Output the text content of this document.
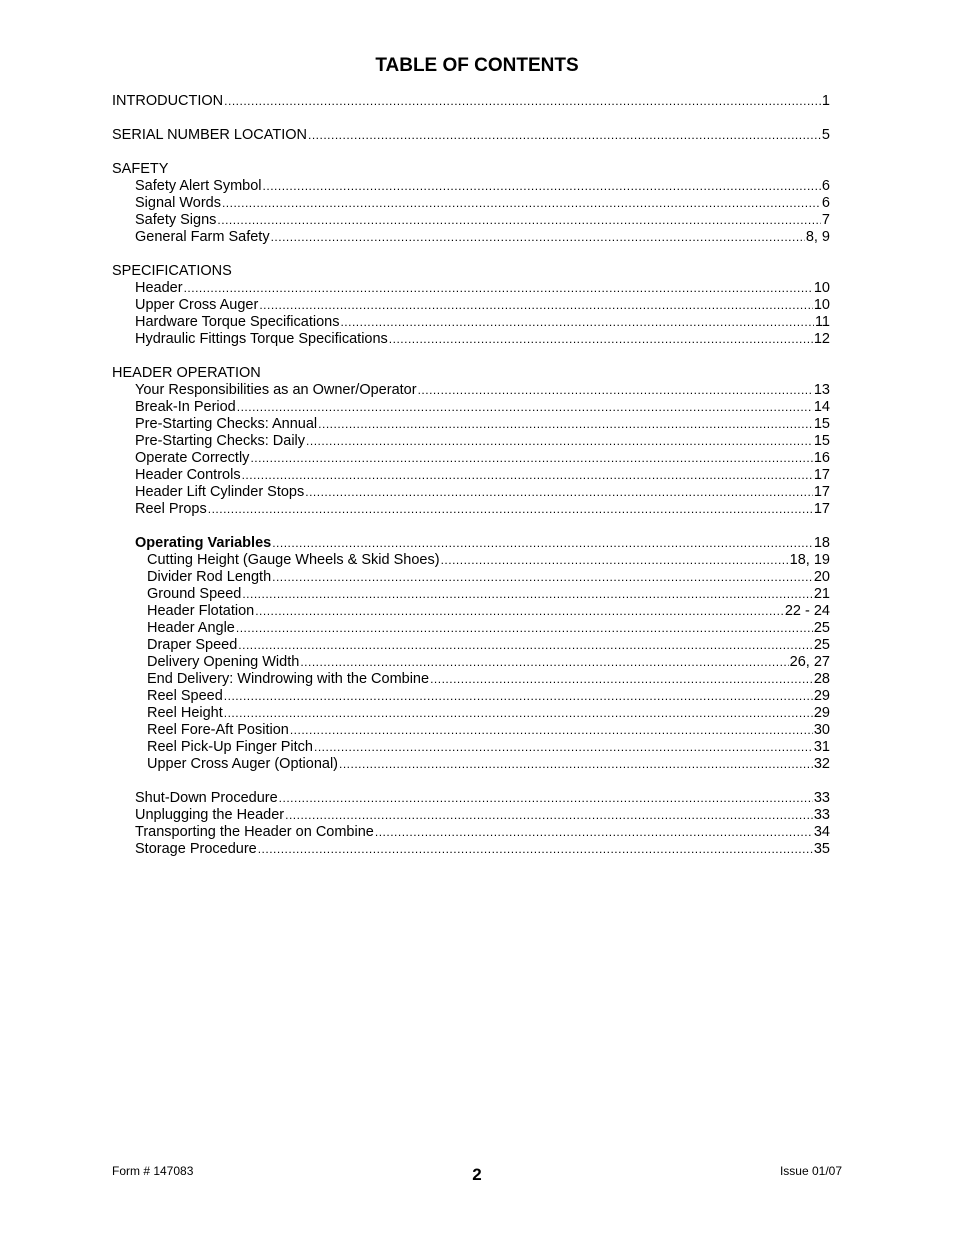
TABLE OF CONTENTS
INTRODUCTION .....	1
SERIAL NUMBER LOCATION .....	5
SAFETY
Safety Alert Symbol .....	6
Signal Words .....	6
Safety Signs .....	7
General Farm Safety .....	8, 9
SPECIFICATIONS
Header .....	10
Upper Cross Auger .....	10
Hardware Torque Specifications .....	11
Hydraulic Fittings Torque Specifications .....	12
HEADER OPERATION
Your Responsibilities as an Owner/Operator .....	13
Break-In Period .....	14
Pre-Starting Checks: Annual .....	15
Pre-Starting Checks: Daily .....	15
Operate Correctly .....	16
Header Controls .....	17
Header Lift Cylinder Stops .....	17
Reel Props .....	17
Operating Variables .....	18
Cutting Height (Gauge Wheels & Skid Shoes) .....	18, 19
Divider Rod Length .....	20
Ground Speed .....	21
Header Flotation .....	22 - 24
Header Angle .....	25
Draper Speed .....	25
Delivery Opening Width .....	26, 27
End Delivery: Windrowing with the Combine .....	28
Reel Speed .....	29
Reel Height .....	29
Reel Fore-Aft Position .....	30
Reel Pick-Up Finger Pitch .....	31
Upper Cross Auger (Optional) .....	32
Shut-Down Procedure .....	33
Unplugging the Header .....	33
Transporting the Header on Combine .....	34
Storage Procedure .....	35
Form # 147083	2	Issue 01/07
